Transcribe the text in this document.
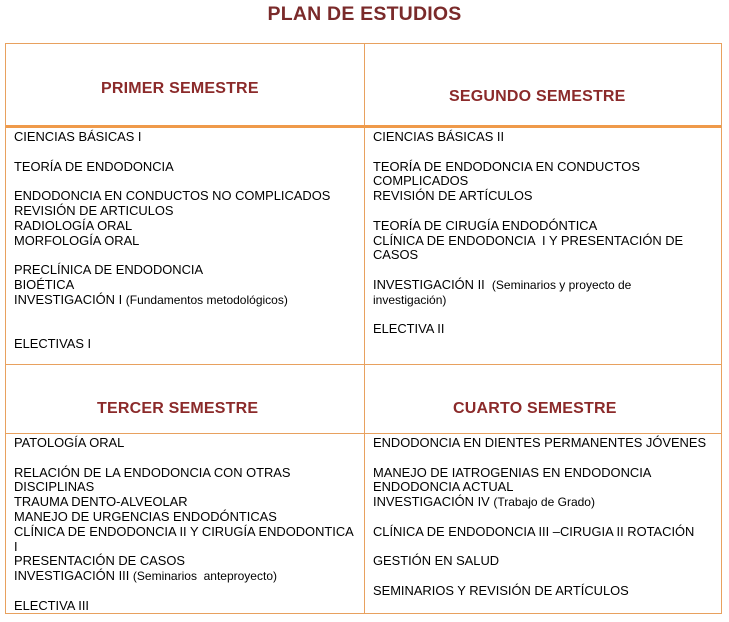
PLAN DE ESTUDIOS
PRIMER SEMESTRE	SEGUNDO SEMESTRE
TERCER SEMESTRE	CUARTO SEMESTRE
CIENCIAS BÁSICAS I

TEORÍA DE ENDODONCIA

ENDODONCIA EN CONDUCTOS NO COMPLICADOS
REVISIÓN DE ARTICULOS
RADIOLOGÍA ORAL
MORFOLOGÍA ORAL

PRECLÍNICA DE ENDODONCIA
BIOÉTICA
INVESTIGACIÓN I (Fundamentos metodológicos)

ELECTIVAS I
CIENCIAS BÁSICAS II

TEORÍA DE ENDODONCIA EN CONDUCTOS
COMPLICADOS
REVISIÓN DE ARTÍCULOS

TEORÍA DE CIRUGÍA ENDODÓNTICA
CLÍNICA DE ENDODONCIA  I Y PRESENTACIÓN DE
CASOS

INVESTIGACIÓN II (Seminarios y proyecto de
investigación)

ELECTIVA II
PATOLOGÍA ORAL

RELACIÓN DE LA ENDODONCIA CON OTRAS
DISCIPLINAS
TRAUMA DENTO-ALVEOLAR
MANEJO DE URGENCIAS ENDODÓNTICAS
CLÍNICA DE ENDODONCIA II Y CIRUGÍA ENDODONTICA
I
PRESENTACIÓN DE CASOS
INVESTIGACIÓN III (Seminarios  anteproyecto)

ELECTIVA III
ENDODONCIA EN DIENTES PERMANENTES JÓVENES

MANEJO DE IATROGENIAS EN ENDODONCIA
ENDODONCIA ACTUAL
INVESTIGACIÓN IV (Trabajo de Grado)

CLÍNICA DE ENDODONCIA III –CIRUGIA II ROTACIÓN

GESTIÓN EN SALUD

SEMINARIOS Y REVISIÓN DE ARTÍCULOS
